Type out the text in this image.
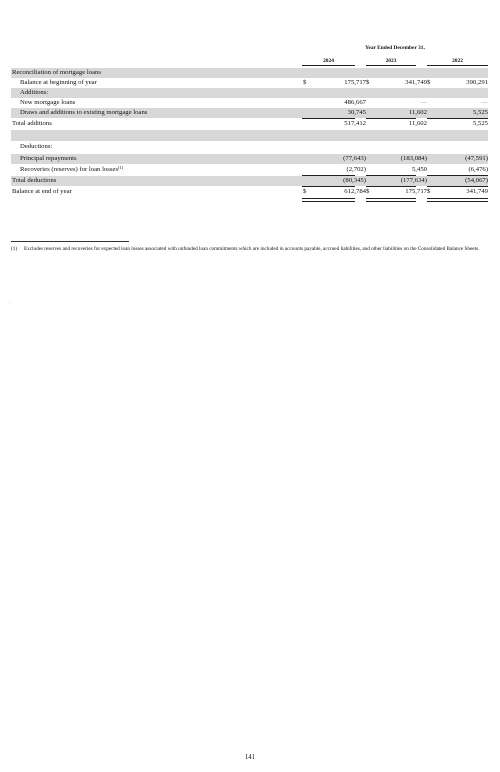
Year Ended December 31,
2024	2023	2022
Reconciliation of mortgage loans
Balance at beginning of year	$	175,717 $	341,749 $	390,291
Additions:
New mortgage loans	486,667	—	—
Draws and additions to existing mortgage loans	30,745	11,602	5,525
Total additions	517,412	11,602	5,525
Deductions:
Principal repayments	(77,643)	(183,084)	(47,591)
Recoveries (reserves) for loan losses$^{(1)}$	(2,702)	5,450	(6,476)
Total deductions	(80,345)	(177,634)	(54,067)
Balance at end of year	$	612,784 $	175,717 $	341,749
(1) Excludes reserves and recoveries for expected loan losses associated with unfunded loan commitments which are included in accounts payable, accrued liabilities, and other liabilities on the Consolidated Balance Sheets.
.
141
